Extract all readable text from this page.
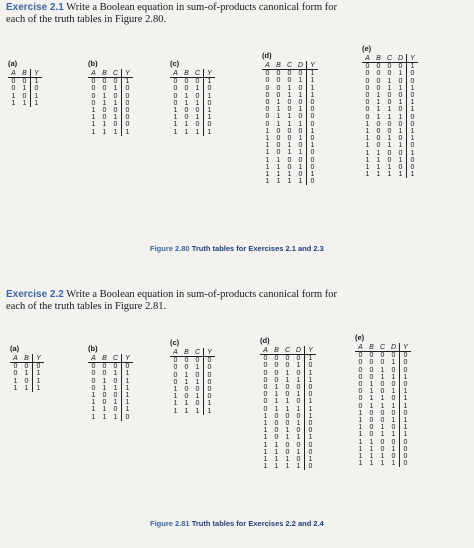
Exercise 2.1 Write a Boolean equation in sum-of-products canonical form for each of the truth tables in Figure 2.80.
(a)
A	B	Y
0	0	1
0	1	0
1	0	1
1	1	1
(b)
A	B	C	Y
0	0	0	1
0	0	1	0
0	1	0	0
0	1	1	0
1	0	0	0
1	0	1	0
1	1	0	0
1	1	1	1
(c)
A	B	C	Y
0	0	0	1
0	0	1	0
0	1	0	1
0	1	1	0
1	0	0	1
1	0	1	1
1	1	0	0
1	1	1	1
(d)
A	B	C	D	Y
0	0	0	0	1
0	0	0	1	1
0	0	1	0	1
0	0	1	1	1
0	1	0	0	0
0	1	0	1	0
0	1	1	0	0
0	1	1	1	0
1	0	0	0	1
1	0	0	1	0
1	0	1	0	1
1	0	1	1	0
1	1	0	0	0
1	1	0	1	0
1	1	1	0	1
1	1	1	1	0
(e)
A	B	C	D	Y
0	0	0	0	1
0	0	0	1	0
0	0	1	0	0
0	0	1	1	1
0	1	0	0	0
0	1	0	1	1
0	1	1	0	1
0	1	1	1	0
1	0	0	0	0
1	0	0	1	1
1	0	1	0	1
1	0	1	1	0
1	1	0	0	1
1	1	0	1	0
1	1	1	0	0
1	1	1	1	1
Figure 2.80 Truth tables for Exercises 2.1 and 2.3
Exercise 2.2 Write a Boolean equation in sum-of-products canonical form for each of the truth tables in Figure 2.81.
(a)
A	B	Y
0	0	0
0	1	1
1	0	1
1	1	1
(b)
A	B	C	Y
0	0	0	0
0	0	1	1
0	1	0	1
0	1	1	1
1	0	0	1
1	0	1	1
1	1	0	1
1	1	1	0
(c)
A	B	C	Y
0	0	0	0
0	0	1	0
0	1	0	0
0	1	1	0
1	0	0	0
1	0	1	0
1	1	0	1
1	1	1	1
(d)
A	B	C	D	Y
0	0	0	0	1
0	0	0	1	0
0	0	1	0	1
0	0	1	1	1
0	1	0	0	0
0	1	0	1	0
0	1	1	0	1
0	1	1	1	1
1	0	0	0	1
1	0	0	1	0
1	0	1	0	0
1	0	1	1	1
1	1	0	0	0
1	1	0	1	0
1	1	1	0	1
1	1	1	1	0
(e)
A	B	C	D	Y
0	0	0	0	0
0	0	0	1	0
0	0	1	0	0
0	0	1	1	1
0	1	0	0	0
0	1	0	1	1
0	1	1	0	1
0	1	1	1	1
1	0	0	0	0
1	0	0	1	1
1	0	1	0	1
1	0	1	1	1
1	1	0	0	0
1	1	0	1	0
1	1	1	0	0
1	1	1	1	0
Figure 2.81 Truth tables for Exercises 2.2 and 2.4
